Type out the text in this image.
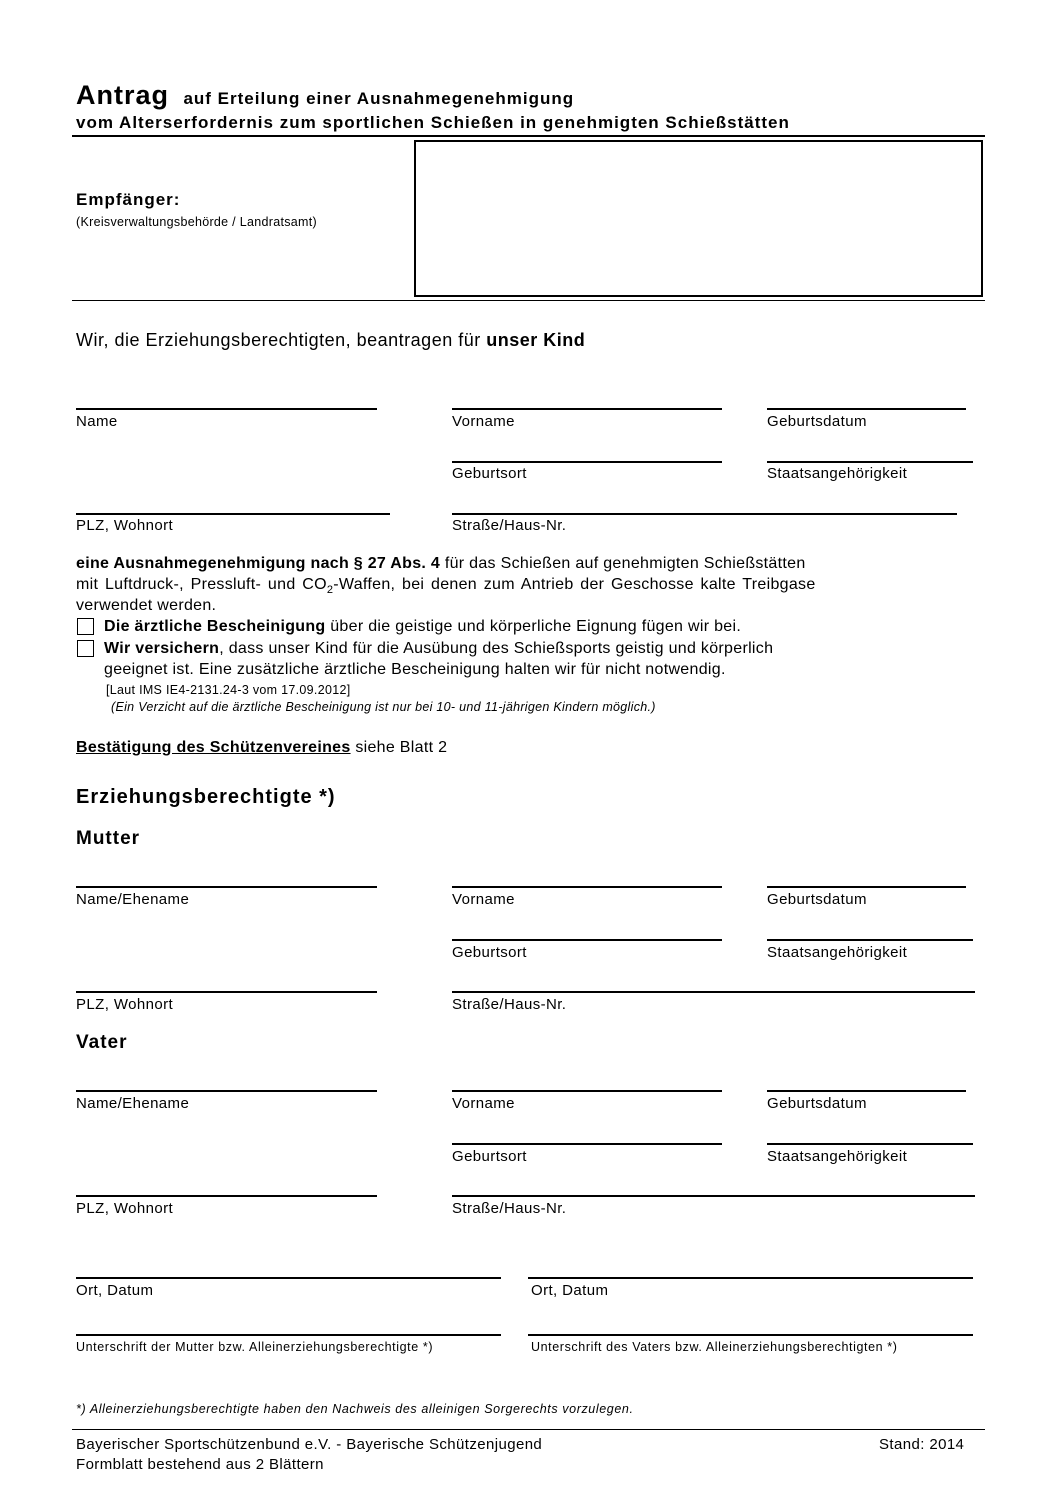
Antrag auf Erteilung einer Ausnahmegenehmigung
vom Alterserfordernis zum sportlichen Schießen in genehmigten Schießstätten
Empfänger:
(Kreisverwaltungsbehörde / Landratsamt)
Wir, die Erziehungsberechtigten, beantragen für unser Kind
Name	Vorname	Geburtsdatum
Geburtsort	Staatsangehörigkeit
PLZ, Wohnort	Straße/Haus-Nr.
eine Ausnahmegenehmigung nach § 27 Abs. 4 für das Schießen auf genehmigten Schießstätten
mit Luftdruck-, Pressluft- und $CO_2$-Waffen, bei denen zum Antrieb der Geschosse kalte Treibgase
verwendet werden.
Die ärztliche Bescheinigung über die geistige und körperliche Eignung fügen wir bei.
Wir versichern, dass unser Kind für die Ausübung des Schießsports geistig und körperlich
geeignet ist. Eine zusätzliche ärztliche Bescheinigung halten wir für nicht notwendig.
[Laut IMS IE4-2131.24-3 vom 17.09.2012]
(Ein Verzicht auf die ärztliche Bescheinigung ist nur bei 10- und 11-jährigen Kindern möglich.)
Bestätigung des Schützenvereines siehe Blatt 2
Erziehungsberechtigte *)
Mutter
Name/Ehename	Vorname	Geburtsdatum
Geburtsort	Staatsangehörigkeit
PLZ, Wohnort	Straße/Haus-Nr.
Vater
Name/Ehename	Vorname	Geburtsdatum
Geburtsort	Staatsangehörigkeit
PLZ, Wohnort	Straße/Haus-Nr.
Ort, Datum	Ort, Datum
Unterschrift der Mutter bzw. Alleinerziehungsberechtigte *)	Unterschrift des Vaters bzw. Alleinerziehungsberechtigten *)
*) Alleinerziehungsberechtigte haben den Nachweis des alleinigen Sorgerechts vorzulegen.
Bayerischer Sportschützenbund e.V. - Bayerische Schützenjugend	Stand: 2014
Formblatt bestehend aus 2 Blättern
